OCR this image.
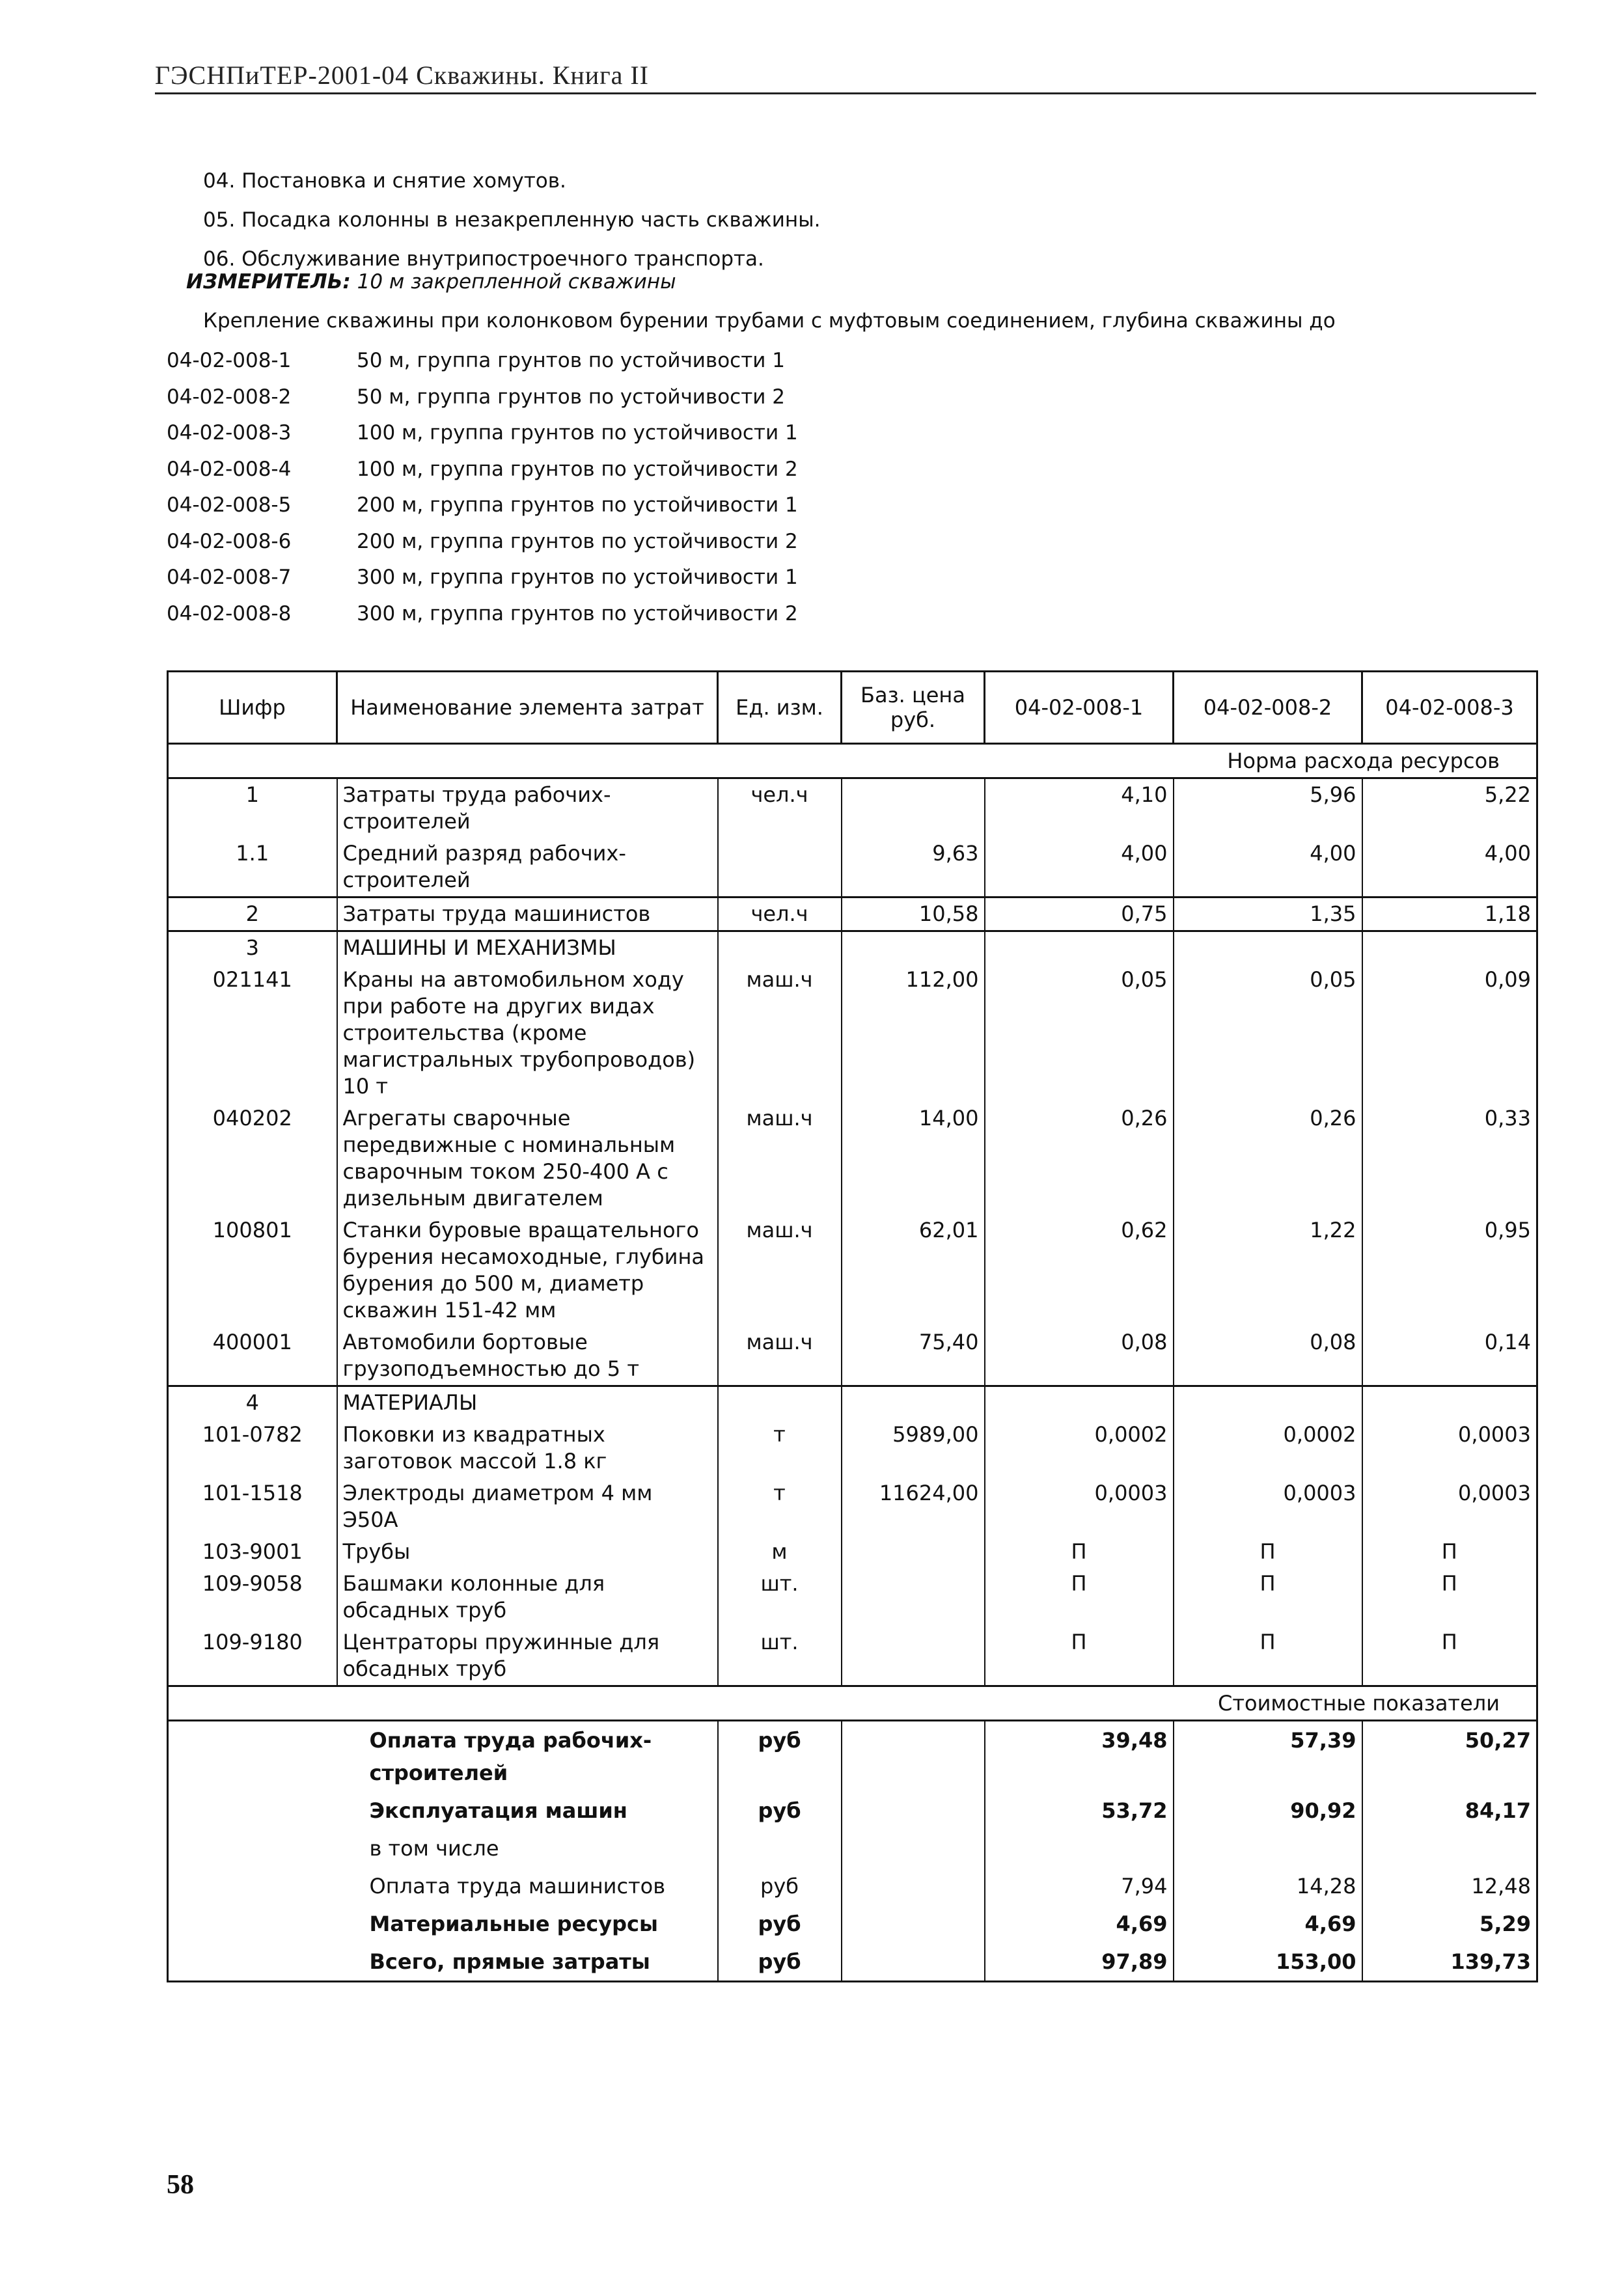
ГЭСНПиТЕР-2001-04 Скважины. Книга II
04. Постановка и снятие хомутов.
05. Посадка колонны в незакрепленную часть скважины.
06. Обслуживание внутрипостроечного транспорта.
ИЗМЕРИТЕЛЬ: 10 м закрепленной скважины
Крепление скважины при колонковом бурении трубами с муфтовым соединением, глубина скважины до
04-02-008-1	50 м, группа грунтов по устойчивости 1
04-02-008-2	50 м, группа грунтов по устойчивости 2
04-02-008-3	100 м, группа грунтов по устойчивости 1
04-02-008-4	100 м, группа грунтов по устойчивости 2
04-02-008-5	200 м, группа грунтов по устойчивости 1
04-02-008-6	200 м, группа грунтов по устойчивости 2
04-02-008-7	300 м, группа грунтов по устойчивости 1
04-02-008-8	300 м, группа грунтов по устойчивости 2
Шифр	Наименование элемента затрат	Ед. изм.	Баз. цена руб.	04-02-008-1	04-02-008-2	04-02-008-3
Норма расхода ресурсов						
1	Затраты труда рабочих-строителей	чел.ч		4,10	5,96	5,22
1.1	Средний разряд рабочих-строителей		9,63	4,00	4,00	4,00
2	Затраты труда машинистов	чел.ч	10,58	0,75	1,35	1,18
3	МАШИНЫ И МЕХАНИЗМЫ					
021141	Краны на автомобильном ходу при работе на других видах строительства (кроме магистральных трубопроводов) 10 т	маш.ч	112,00	0,05	0,05	0,09
040202	Агрегаты сварочные передвижные с номинальным сварочным током 250-400 А с дизельным двигателем	маш.ч	14,00	0,26	0,26	0,33
100801	Станки буровые вращательного бурения несамоходные, глубина бурения до 500 м, диаметр скважин 151-42 мм	маш.ч	62,01	0,62	1,22	0,95
400001	Автомобили бортовые грузоподъемностью до 5 т	маш.ч	75,40	0,08	0,08	0,14
4	МАТЕРИАЛЫ					
101-0782	Поковки из квадратных заготовок массой 1.8 кг	т	5989,00	0,0002	0,0002	0,0003
101-1518	Электроды диаметром 4 мм Э50А	т	11624,00	0,0003	0,0003	0,0003
103-9001	Трубы	м		П	П	П
109-9058	Башмаки колонные для обсадных труб	шт.		П	П	П
109-9180	Центраторы пружинные для обсадных труб	шт.		П	П	П
Стоимостные показатели						
	Оплата труда рабочих-строителей	руб		39,48	57,39	50,27
	Эксплуатация машин	руб		53,72	90,92	84,17
	в том числе					
	Оплата труда машинистов	руб		7,94	14,28	12,48
	Материальные ресурсы	руб		4,69	4,69	5,29
	Всего, прямые затраты	руб		97,89	153,00	139,73
58
